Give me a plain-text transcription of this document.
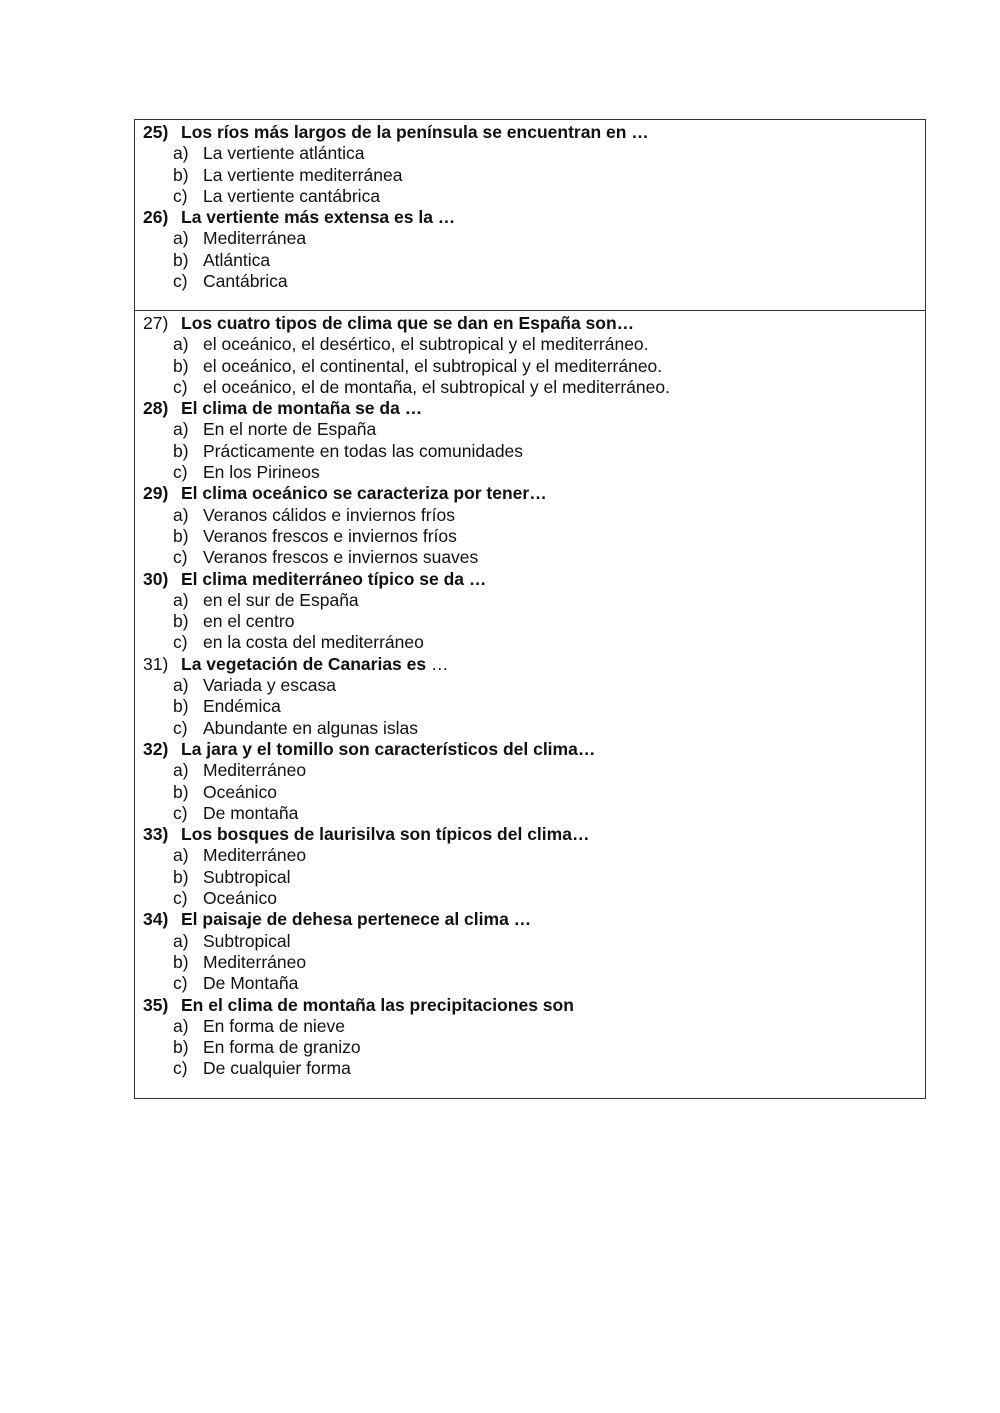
25) Los ríos más largos de la península se encuentran en …
a) La vertiente atlántica
b) La vertiente mediterránea
c) La vertiente cantábrica
26) La vertiente más extensa es la …
a) Mediterránea
b) Atlántica
c) Cantábrica
27) Los cuatro tipos de clima que se dan en España son…
a) el oceánico, el desértico, el subtropical y el mediterráneo.
b) el oceánico, el continental, el subtropical y el mediterráneo.
c) el oceánico, el de montaña, el subtropical y el mediterráneo.
28) El clima de montaña se da …
a) En el norte de España
b) Prácticamente en todas las comunidades
c) En los Pirineos
29) El clima oceánico se caracteriza por tener…
a) Veranos cálidos e inviernos fríos
b) Veranos frescos e inviernos fríos
c) Veranos frescos e inviernos suaves
30) El clima mediterráneo típico se da …
a) en el sur de España
b) en el centro
c) en la costa del mediterráneo
31) La vegetación de Canarias es …
a) Variada y escasa
b) Endémica
c) Abundante en algunas islas
32) La jara y el tomillo son característicos del clima…
a) Mediterráneo
b) Oceánico
c) De montaña
33) Los bosques de laurisilva son típicos del clima…
a) Mediterráneo
b) Subtropical
c) Oceánico
34) El paisaje de dehesa pertenece al clima …
a) Subtropical
b) Mediterráneo
c) De Montaña
35) En el clima de montaña las precipitaciones son
a) En forma de nieve
b) En forma de granizo
c) De cualquier forma
